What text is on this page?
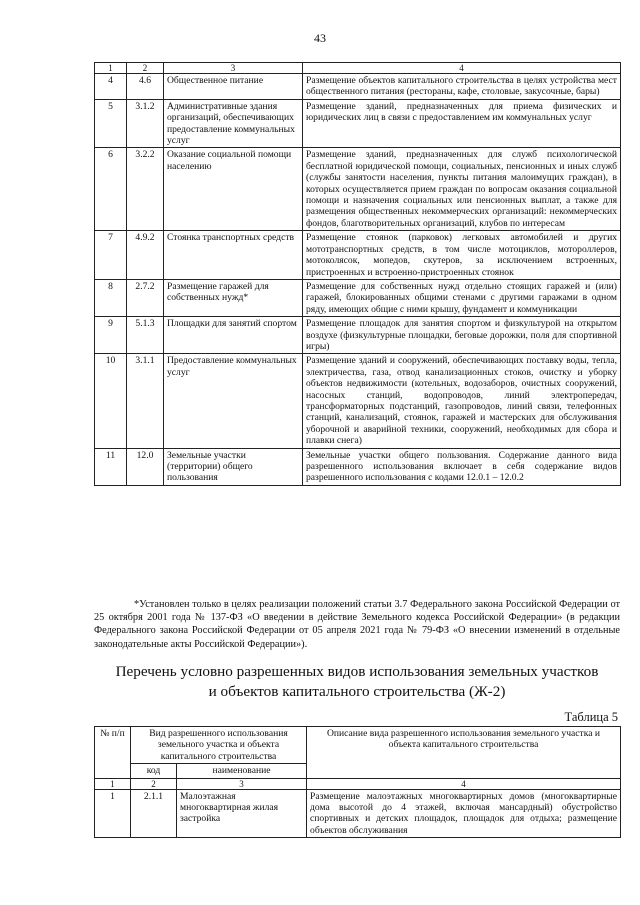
43
1	2	3	4
4	4.6	Общественное питание	Размещение объектов капитального строительства в целях устройства мест общественного питания (рестораны, кафе, столовые, закусочные, бары)
5	3.1.2	Административные здания организаций, обеспечивающих предоставление коммунальных услуг	Размещение зданий, предназначенных для приема физических и юридических лиц в связи с предоставлением им коммунальных услуг
6	3.2.2	Оказание социальной помощи населению	Размещение зданий, предназначенных для служб психологической бесплатной юридической помощи, социальных, пенсионных и иных служб (службы занятости населения, пункты питания малоимущих граждан), в которых осуществляется прием граждан по вопросам оказания социальной помощи и назначения социальных или пенсионных выплат, а также для размещения общественных некоммерческих организаций: некоммерческих фондов, благотворительных организаций, клубов по интересам
7	4.9.2	Стоянка транспортных средств	Размещение стоянок (парковок) легковых автомобилей и других мототранспортных средств, в том числе мотоциклов, мотороллеров, мотоколясок, мопедов, скутеров, за исключением встроенных, пристроенных и встроенно-пристроенных стоянок
8	2.7.2	Размещение гаражей для собственных нужд*	Размещение для собственных нужд отдельно стоящих гаражей и (или) гаражей, блокированных общими стенами с другими гаражами в одном ряду, имеющих общие с ними крышу, фундамент и коммуникации
9	5.1.3	Площадки для занятий спортом	Размещение площадок для занятия спортом и физкультурой на открытом воздухе (физкультурные площадки, беговые дорожки, поля для спортивной игры)
10	3.1.1	Предоставление коммунальных услуг	Размещение зданий и сооружений, обеспечивающих поставку воды, тепла, электричества, газа, отвод канализационных стоков, очистку и уборку объектов недвижимости (котельных, водозаборов, очистных сооружений, насосных станций, водопроводов, линий электропередач, трансформаторных подстанций, газопроводов, линий связи, телефонных станций, канализаций, стоянок, гаражей и мастерских для обслуживания уборочной и аварийной техники, сооружений, необходимых для сбора и плавки снега)
11	12.0	Земельные участки (территории) общего пользования	Земельные участки общего пользования. Содержание данного вида разрешенного использования включает в себя содержание видов разрешенного использования с кодами 12.0.1 – 12.0.2
*Установлен только в целях реализации положений статьи 3.7 Федерального закона Российской Федерации от 25 октября 2001 года № 137-ФЗ «О введении в действие Земельного кодекса Российской Федерации» (в редакции Федерального закона Российской Федерации от 05 апреля 2021 года № 79-ФЗ «О внесении изменений в отдельные законодательные акты Российской Федерации»).
Перечень условно разрешенных видов использования земельных участков
и объектов капитального строительства (Ж-2)
Таблица 5
№ п/п	Вид разрешенного использования земельного участка и объекта капитального строительства		Описание вида разрешенного использования земельного участка и объекта капитального строительства
	код	наименование	
1	2	3	4
1	2.1.1	Малоэтажная многоквартирная жилая застройка	Размещение малоэтажных многоквартирных домов (многоквартирные дома высотой до 4 этажей, включая мансардный) обустройство спортивных и детских площадок, площадок для отдыха; размещение объектов обслуживания
